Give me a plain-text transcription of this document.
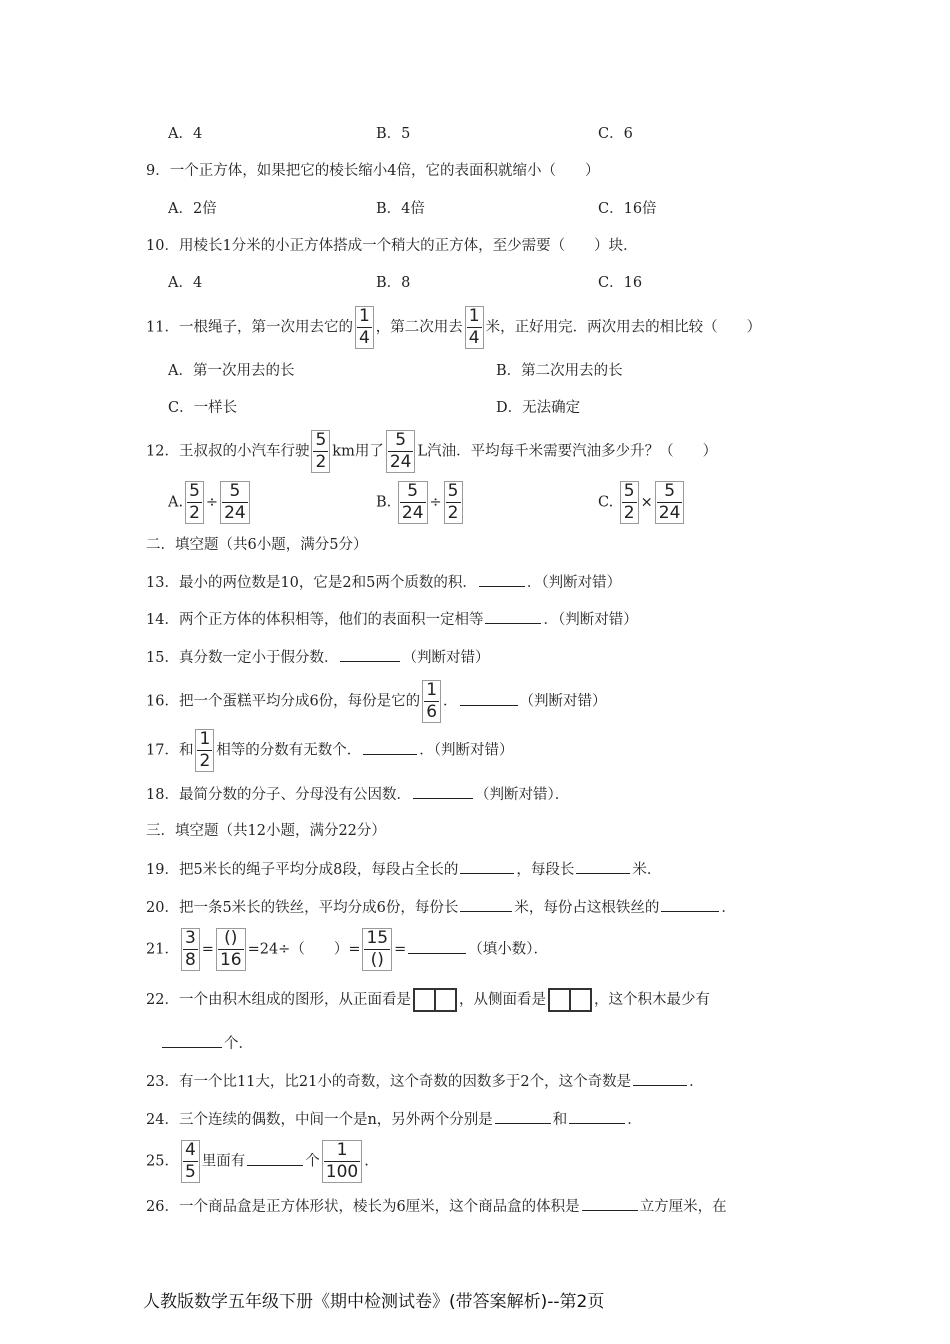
A．4	B．5	C．6
9．一个正方体，如果把它的棱长缩小4倍，它的表面积就缩小（　　）
A．2倍	B．4倍	C．16倍
10．用棱长1分米的小正方体搭成一个稍大的正方体，至少需要（　　）块．
A．4	B．8	C．16
11．一根绳子，第一次用去它的 $\frac{1}{4}$ ，第二次用去 $\frac{1}{4}$ 米，正好用完．两次用去的相比较（　　）
A．第一次用去的长	B．第二次用去的长
C．一样长	D．无法确定
12．王叔叔的小汽车行驶 $\frac{5}{2}$ km用了 $\frac{5}{24}$ L汽油．平均每千米需要汽油多少升？（　　）
A. $\frac{5}{2} \div \frac{5}{24}$	B. $\frac{5}{24} \div \frac{5}{2}$	C. $\frac{5}{2} \times \frac{5}{24}$
二．填空题（共6小题，满分5分）
13．最小的两位数是10，它是2和5两个质数的积．	．（判断对错）
14．两个正方体的体积相等，他们的表面积一定相等	．（判断对错）
15．真分数一定小于假分数．	（判断对错）
16．把一个蛋糕平均分成6份，每份是它的 $\frac{1}{6}$ ．	（判断对错）
17．和 $\frac{1}{2}$ 相等的分数有无数个．	．（判断对错）
18．最简分数的分子、分母没有公因数．	（判断对错）．
三．填空题（共12小题，满分22分）
19．把5米长的绳子平均分成8段，每段占全长的	，每段长	米．
20．把一条5米长的铁丝，平均分成6份，每份长	米，每份占这根铁丝的	．
21． $\frac{3}{8} = \frac{()}{16} =24\div$（　　）= $\frac{15}{()}$ =	（填小数）．
22．一个由积木组成的图形，从正面看是	，从侧面看是	，这个积木最少有
个．
23．有一个比11大，比21小的奇数，这个奇数的因数多于2个，这个奇数是	．
24．三个连续的偶数，中间一个是n，另外两个分别是	和	．
25． $\frac{4}{5}$ 里面有	个 $\frac{1}{100}$ .
26．一个商品盒是正方体形状，棱长为6厘米，这个商品盒的体积是	立方厘米，在
人教版数学五年级下册《期中检测试卷》(带答案解析)--第2页
